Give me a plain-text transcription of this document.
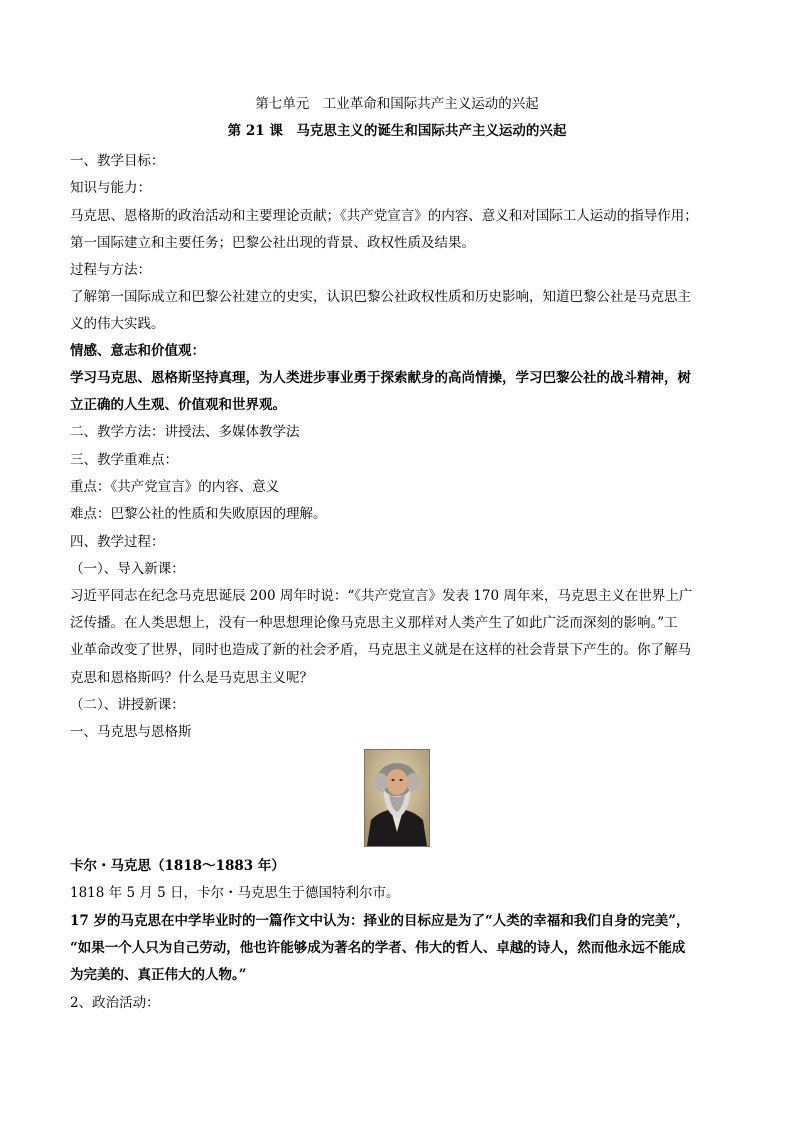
第七单元　工业革命和国际共产主义运动的兴起
第 21 课　马克思主义的诞生和国际共产主义运动的兴起
一、教学目标：
知识与能力：
马克思、恩格斯的政治活动和主要理论贡献；《共产党宣言》的内容、意义和对国际工人运动的指导作用；
第一国际建立和主要任务；巴黎公社出现的背景、政权性质及结果。
过程与方法：
了解第一国际成立和巴黎公社建立的史实，认识巴黎公社政权性质和历史影响，知道巴黎公社是马克思主
义的伟大实践。
情感、意志和价值观：
学习马克思、恩格斯坚持真理，为人类进步事业勇于探索献身的高尚情操，学习巴黎公社的战斗精神，树
立正确的人生观、价值观和世界观。
二、教学方法：讲授法、多媒体教学法
三、教学重难点：
重点：《共产党宣言》的内容、意义
难点：巴黎公社的性质和失败原因的理解。
四、教学过程：
（一）、导入新课：
习近平同志在纪念马克思诞辰 200 周年时说：“《共产党宣言》发表 170 周年来，马克思主义在世界上广
泛传播。在人类思想上，没有一种思想理论像马克思主义那样对人类产生了如此广泛而深刻的影响。”工
业革命改变了世界，同时也造成了新的社会矛盾，马克思主义就是在这样的社会背景下产生的。你了解马
克思和恩格斯吗？什么是马克思主义呢？
（二）、讲授新课：
一、马克思与恩格斯
卡尔・马克思（1818～1883 年）
1818 年 5 月 5 日，卡尔・马克思生于德国特利尔市。
17 岁的马克思在中学毕业时的一篇作文中认为：择业的目标应是为了“人类的幸福和我们自身的完美”，
“如果一个人只为自己劳动，他也许能够成为著名的学者、伟大的哲人、卓越的诗人，然而他永远不能成
为完美的、真正伟大的人物。”
2、政治活动：
